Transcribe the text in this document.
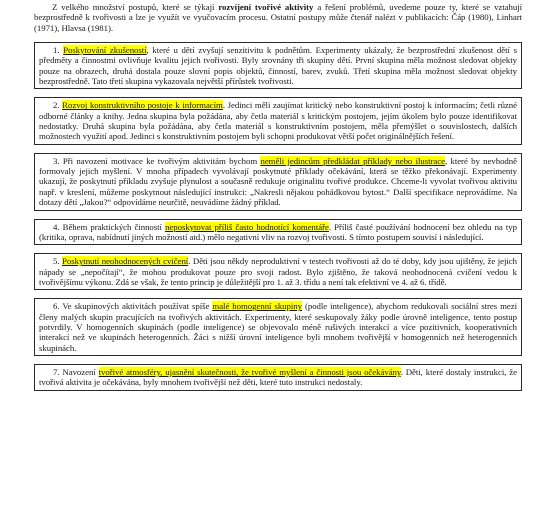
Z velkého množství postupů, které se týkají rozvíjení tvořivé aktivity a řešení problémů, uvedeme pouze ty, které se vztahují bezprostředně k tvořivosti a lze je využít ve vyučovacím procesu. Ostatní postupy může čtenář nalézt v publikacích: Čáp (1980), Linhart (1971), Hlavsa (1981).

1. Poskytování zkušeností, které u dětí zvyšují senzitivitu k podnětům. Experimenty ukázaly, že bezprostřední zkušenost dětí s předměty a činnostmi ovlivňuje kvalitu jejich tvořivosti. Byly srovnány tři skupiny dětí. První skupina měla možnost sledovat objekty pouze na obrazech, druhá dostala pouze slovní popis objektů, činností, barev, zvuků. Třetí skupina měla možnost sledovat objekty bezprostředně. Tato třetí skupina vykazovala největší přírůstek tvořivosti.
2. Rozvoj konstruktivního postoje k informacím. Jedinci měli zaujímat kritický nebo konstruktivní postoj k informacím; četli různé odborné články a knihy. Jedna skupina byla požádána, aby četla materiál s kritickým postojem, jejím úkolem bylo pouze identifikovat nedostatky. Druhá skupina byla požádána, aby četla materiál s konstruktivním postojem, měla přemýšlet o souvislostech, dalších možnostech využití apod. Jedinci s konstruktivním postojem byli schopni produkovat větší počet originálnějších řešení.
3. Při navození motivace ke tvořivým aktivitám bychom neměli jedincům předkládat příklady nebo ilustrace, které by nevhodně formovaly jejich myšlení. V mnoha případech vyvolávají poskytnuté příklady očekávání, která se těžko překonávají. Experimenty ukazují, že poskytnutí příkladu zvyšuje plynulost a současně redukuje originalitu tvořivé produkce. Chceme-li vyvolat tvořivou aktivitu např. v kreslení, můžeme poskytnout následující instrukci: „Nakresli nějakou pohádkovou bytost.“ Další specifikace neprovádíme. Na dotazy dětí „Jakou?“ odpovídáme neurčitě, neuvádíme žádný příklad.
4. Během praktických činností neposkytovat příliš často hodnotící komentáře. Příliš časté používání hodnocení bez ohledu na typ (kritika, oprava, nabídnutí jiných možností atd.) mělo negativní vliv na rozvoj tvořivosti. S tímto postupem souvisí i následující.
5. Poskytnutí neohodnocených cvičení. Děti jsou někdy neproduktivní v testech tvořivosti až do té doby, kdy jsou ujištěny, že jejich nápady se „nepočítají“, že mohou produkovat pouze pro svoji radost. Bylo zjištěno, že taková neohodnocená cvičení vedou k tvořivějšímu výkonu. Zdá se však, že tento princip je důležitější pro 1. až 3. třídu a není tak efektivní ve 4. až 6. třídě.
6. Ve skupinových aktivitách používat spíše malé homogenní skupiny (podle inteligence), abychom redukovali sociální stres mezi členy malých skupin pracujících na tvořivých aktivitách. Experimenty, které seskupovaly žáky podle úrovně inteligence, tento postup potvrdily. V homogenních skupinách (podle inteligence) se objevovalo méně rušivých interakcí a více pozitivních, kooperativních interakcí než ve skupinách heterogenních. Žáci s nižší úrovní inteligence byli mnohem tvořivější v homogenních než heterogenních skupinách.
7. Navození tvořivé atmosféry, ujasnění skutečnosti, že tvořivé myšlení a činnosti jsou očekávány. Děti, které dostaly instrukci, že tvořivá aktivita je očekávána, byly mnohem tvořivější než děti, které tuto instrukci nedostaly.
